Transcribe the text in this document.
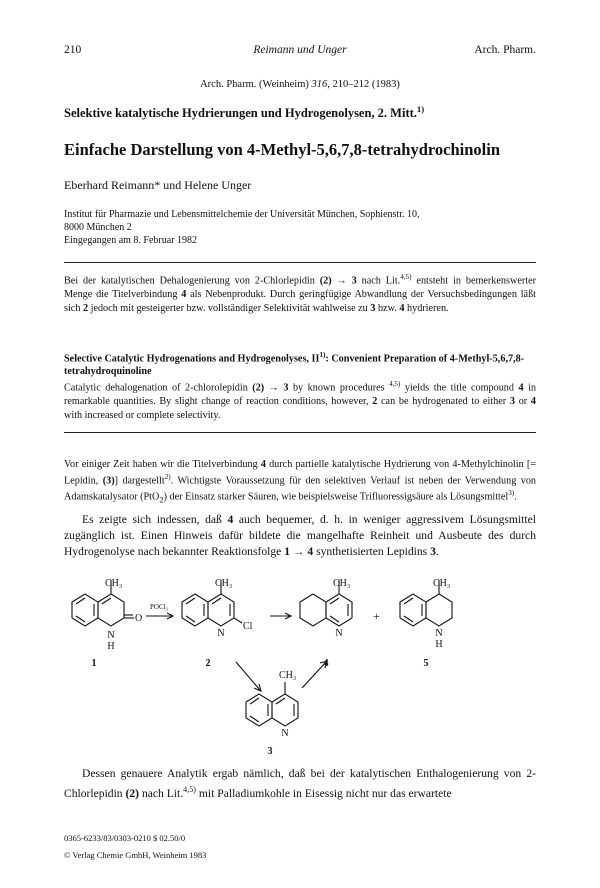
210	Reimann und Unger	Arch. Pharm.
Arch. Pharm. (Weinheim) 316, 210–212 (1983)
Selektive katalytische Hydrierungen und Hydrogenolysen, 2. Mitt.$^{1)}$
Einfache Darstellung von 4-Methyl-5,6,7,8-tetrahydrochinolin
Eberhard Reimann* und Helene Unger
Institut für Pharmazie und Lebensmittelchemie der Universität München, Sophienstr. 10,
8000 München 2
Eingegangen am 8. Februar 1982
Bei der katalytischen Dehalogenierung von 2-Chlorlepidin (2) → 3 nach Lit.$^{4,5)}$ entsteht in bemerkenswerter Menge die Titelverbindung 4 als Nebenprodukt. Durch geringfügige Abwandlung der Versuchsbedingungen läßt sich 2 jedoch mit gesteigerter bzw. vollständiger Selektivität wahlweise zu 3 bzw. 4 hydrieren.
Selective Catalytic Hydrogenations and Hydrogenolyses, II$^{1)}$: Convenient Preparation of 4-Methyl-5,6,7,8-tetrahydroquinoline
Catalytic dehalogenation of 2-chlorolepidin (2) → 3 by known procedures $^{4,5)}$ yields the title compound 4 in remarkable quantities. By slight change of reaction conditions, however, 2 can be hydrogenated to either 3 or 4 with increased or complete selectivity.
Vor einiger Zeit haben wir die Titelverbindung 4 durch partielle katalytische Hydrierung von 4-Methylchinolin [= Lepidin, (3)] dargestellt$^{2)}$. Wichtigste Voraussetzung für den selektiven Verlauf ist neben der Verwendung von Adamskatalysator (PtO$_2$) der Einsatz starker Säuren, wie beispielsweise Trifluoressigsäure als Lösungsmittel$^{3)}$.
Es zeigte sich indessen, daß 4 auch bequemer, d. h. in weniger aggressivem Lösungsmittel zugänglich ist. Einen Hinweis dafür bildete die mangelhafte Reinheit und Ausbeute des durch Hydrogenolyse nach bekannter Reaktionsfolge 1 → 4 synthetisierten Lepidins 3.
CH₃
N
H
O
POCl₃
CH₃
N
Cl
CH₃
N
+
CH₃
N
H
CH₃
N
1	2
3
4	5
Dessen genauere Analytik ergab nämlich, daß bei der katalytischen Enthalogenierung von 2-Chlorlepidin (2) nach Lit.$^{4,5)}$ mit Palladiumkohle in Eisessig nicht nur das erwartete
0365-6233/83/0303-0210 $ 02.50/0
© Verlag Chemie GmbH, Weinheim 1983
